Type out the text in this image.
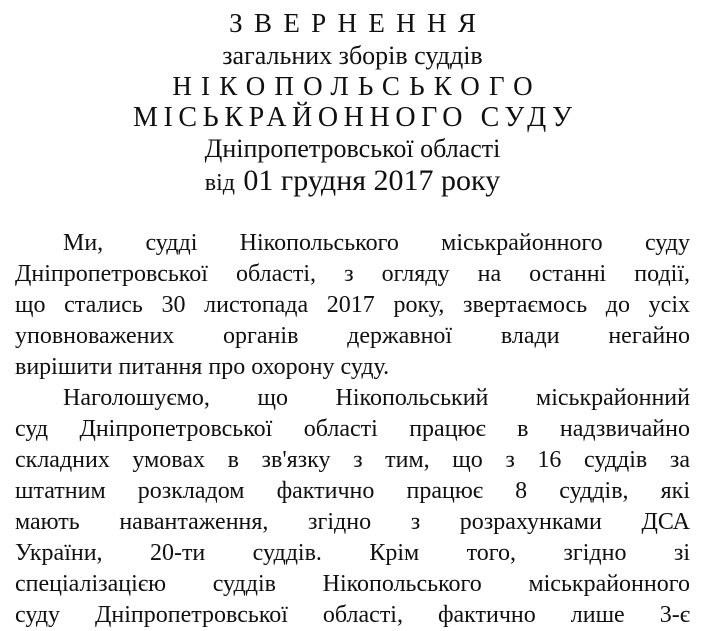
ЗВЕРНЕННЯ
загальних зборів суддів
НІКОПОЛЬСЬКОГО
МІСЬКРАЙОННОГО СУДУ
Дніпропетровської області
від 01 грудня 2017 року

Ми, судді Нікопольського міськрайонного суду
Дніпропетровської області, з огляду на останні події,
що стались 30 листопада 2017 року, звертаємось до усіх
уповноважених органів державної влади негайно
вирішити питання про охорону суду.

Наголошуємо, що Нікопольський міськрайонний
суд Дніпропетровської області працює в надзвичайно
складних умовах в зв'язку з тим, що з 16 суддів за
штатним розкладом фактично працює 8 суддів, які
мають навантаження, згідно з розрахунками ДСА
України, 20-ти суддів. Крім того, згідно зі
спеціалізацією суддів Нікопольського міськрайонного
суду Дніпропетровської області, фактично лише 3-є
